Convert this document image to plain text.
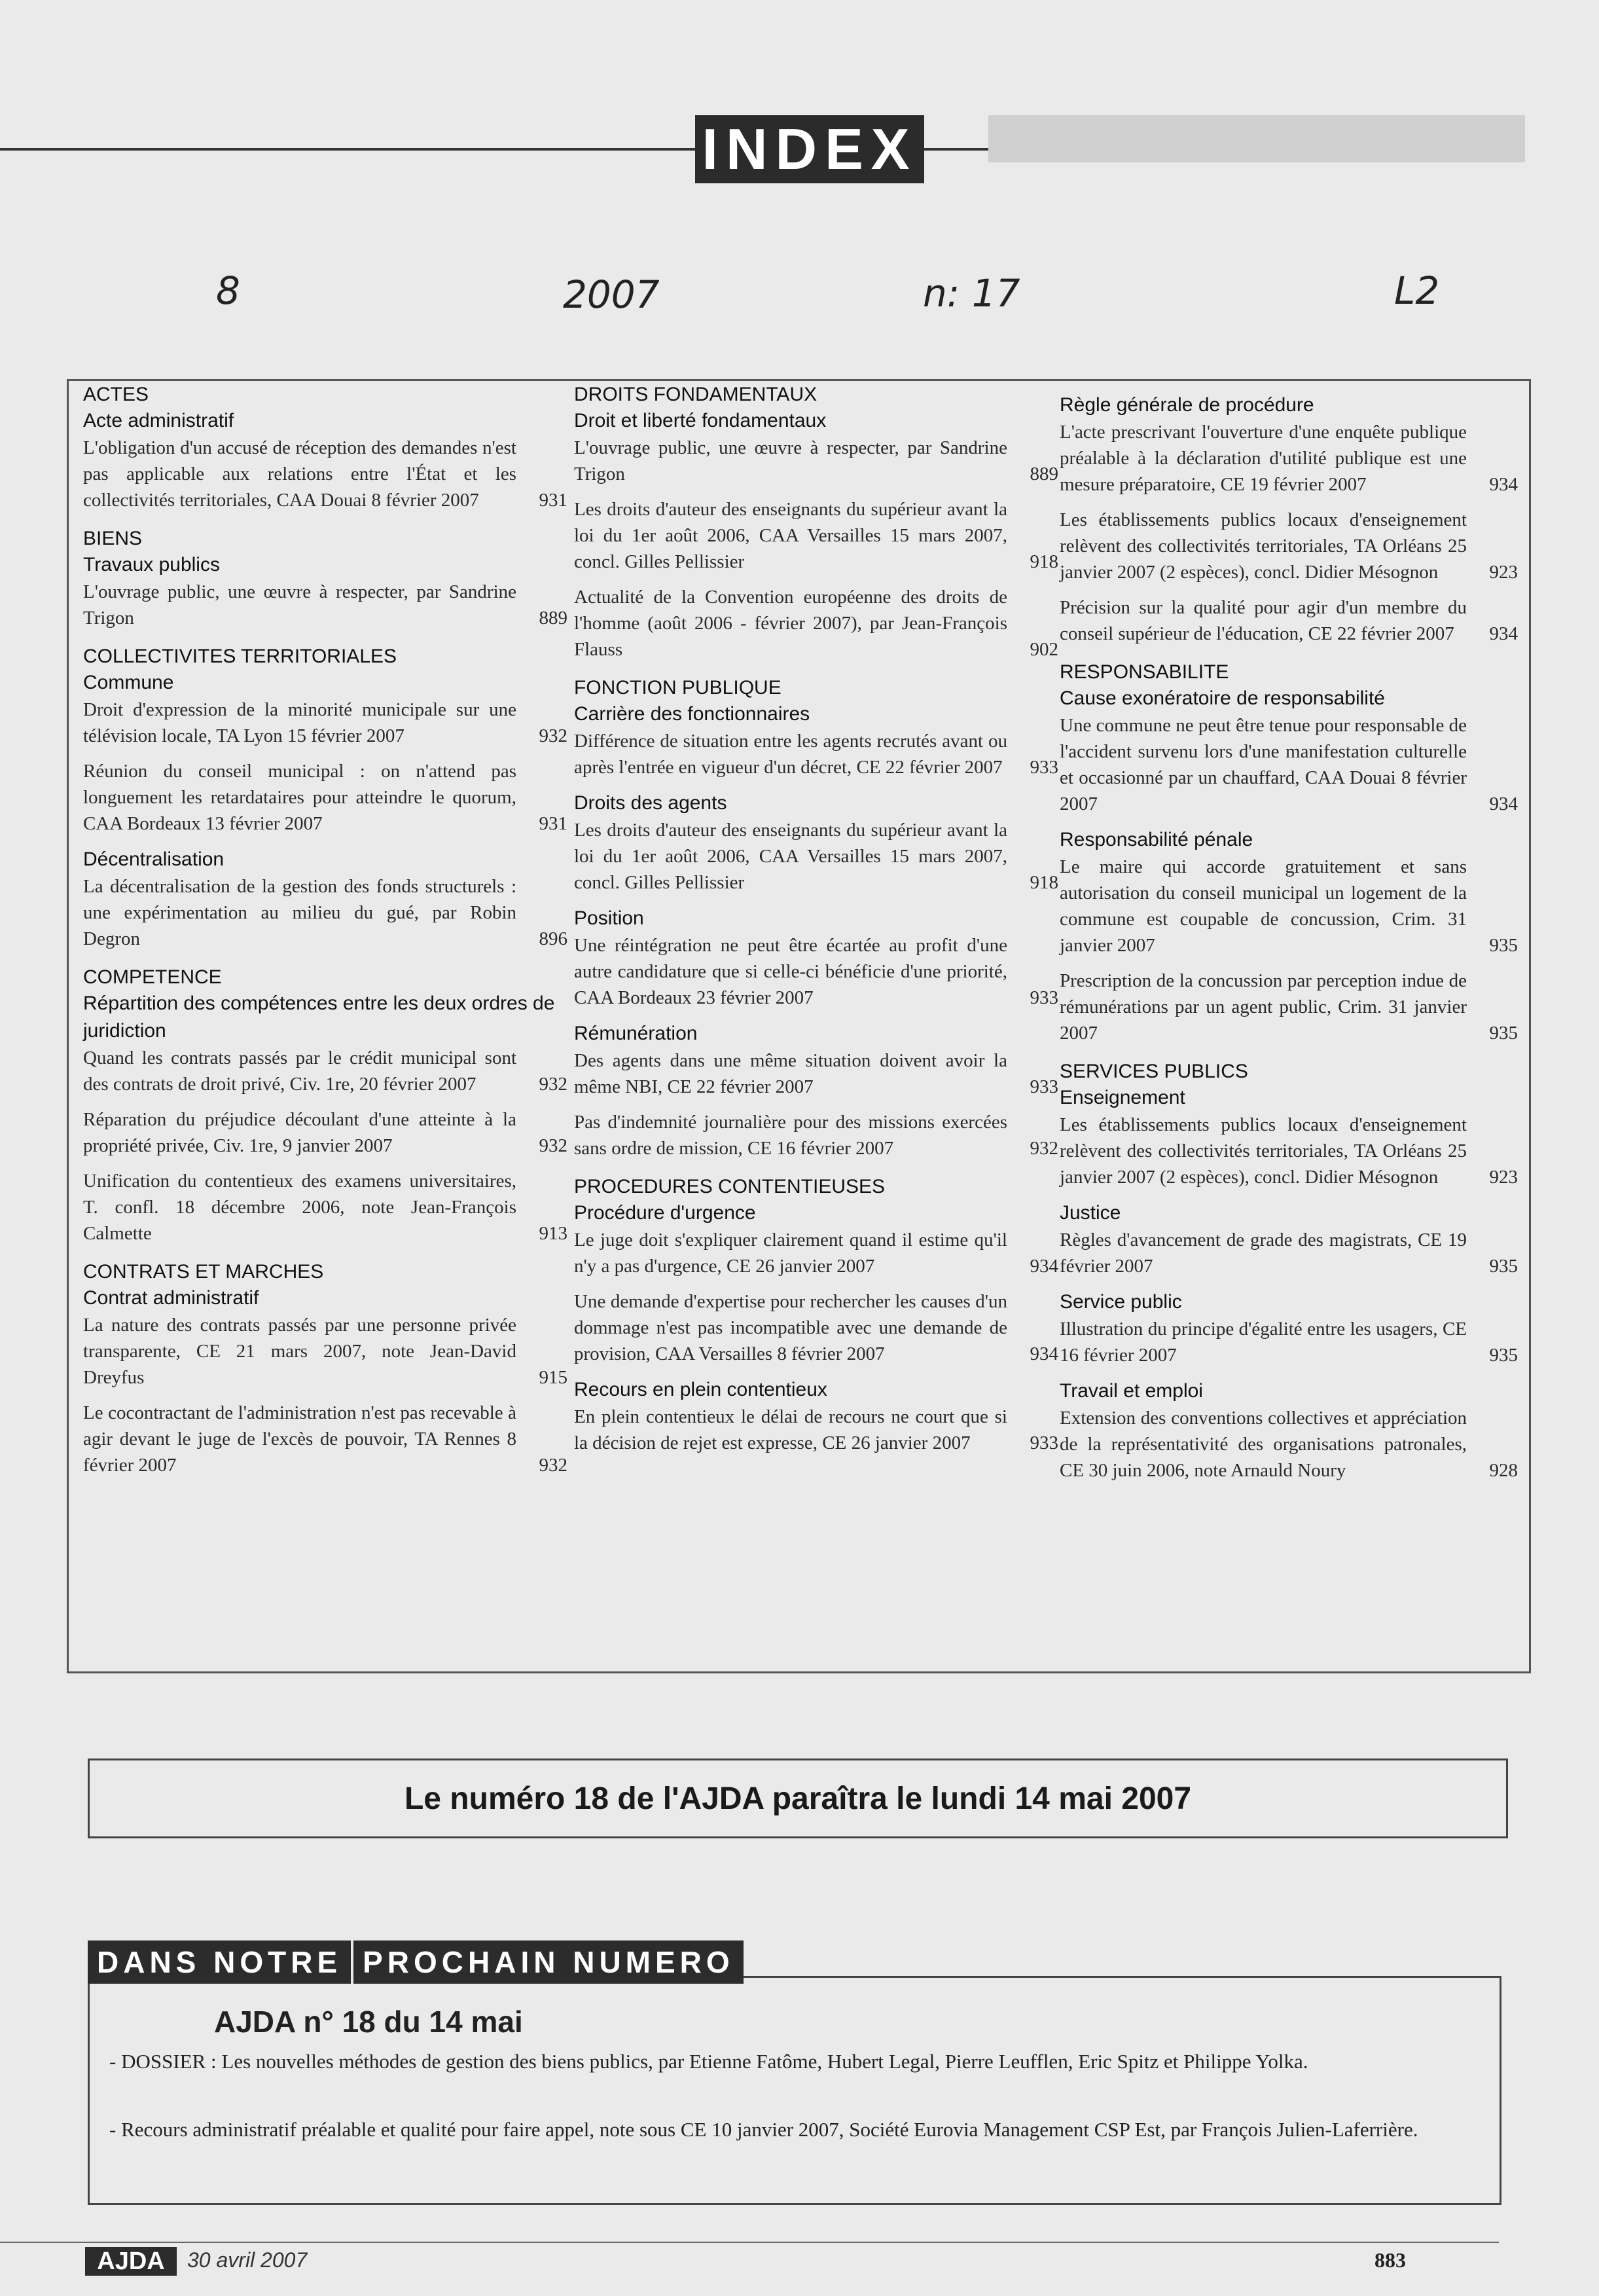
INDEX
8	2007	n: 17	L2
ACTES
Acte administratif
L'obligation d'un accusé de réception des demandes n'est pas applicable aux relations entre l'État et les collectivités territoriales, CAA Douai 8 février 2007	931
BIENS
Travaux publics
L'ouvrage public, une œuvre à respecter, par Sandrine Trigon	889
COLLECTIVITES TERRITORIALES
Commune
Droit d'expression de la minorité municipale sur une télévision locale, TA Lyon 15 février 2007	932
Réunion du conseil municipal : on n'attend pas longuement les retardataires pour atteindre le quorum, CAA Bordeaux 13 février 2007	931
Décentralisation
La décentralisation de la gestion des fonds structurels : une expérimentation au milieu du gué, par Robin Degron	896
COMPETENCE
Répartition des compétences entre les deux ordres de juridiction
Quand les contrats passés par le crédit municipal sont des contrats de droit privé, Civ. 1re, 20 février 2007	932
Réparation du préjudice découlant d'une atteinte à la propriété privée, Civ. 1re, 9 janvier 2007	932
Unification du contentieux des examens universitaires, T. confl. 18 décembre 2006, note Jean-François Calmette	913
CONTRATS ET MARCHES
Contrat administratif
La nature des contrats passés par une personne privée transparente, CE 21 mars 2007, note Jean-David Dreyfus	915
Le cocontractant de l'administration n'est pas recevable à agir devant le juge de l'excès de pouvoir, TA Rennes 8 février 2007	932
DROITS FONDAMENTAUX
Droit et liberté fondamentaux
L'ouvrage public, une œuvre à respecter, par Sandrine Trigon	889
Les droits d'auteur des enseignants du supérieur avant la loi du 1er août 2006, CAA Versailles 15 mars 2007, concl. Gilles Pellissier	918
Actualité de la Convention européenne des droits de l'homme (août 2006 - février 2007), par Jean-François Flauss	902
FONCTION PUBLIQUE
Carrière des fonctionnaires
Différence de situation entre les agents recrutés avant ou après l'entrée en vigueur d'un décret, CE 22 février 2007	933
Droits des agents
Les droits d'auteur des enseignants du supérieur avant la loi du 1er août 2006, CAA Versailles 15 mars 2007, concl. Gilles Pellissier	918
Position
Une réintégration ne peut être écartée au profit d'une autre candidature que si celle-ci bénéficie d'une priorité, CAA Bordeaux 23 février 2007	933
Rémunération
Des agents dans une même situation doivent avoir la même NBI, CE 22 février 2007	933
Pas d'indemnité journalière pour des missions exercées sans ordre de mission, CE 16 février 2007	932
PROCEDURES CONTENTIEUSES
Procédure d'urgence
Le juge doit s'expliquer clairement quand il estime qu'il n'y a pas d'urgence, CE 26 janvier 2007	934
Une demande d'expertise pour rechercher les causes d'un dommage n'est pas incompatible avec une demande de provision, CAA Versailles 8 février 2007	934
Recours en plein contentieux
En plein contentieux le délai de recours ne court que si la décision de rejet est expresse, CE 26 janvier 2007	933
Règle générale de procédure
L'acte prescrivant l'ouverture d'une enquête publique préalable à la déclaration d'utilité publique est une mesure préparatoire, CE 19 février 2007	934
Les établissements publics locaux d'enseignement relèvent des collectivités territoriales, TA Orléans 25 janvier 2007 (2 espèces), concl. Didier Mésognon	923
Précision sur la qualité pour agir d'un membre du conseil supérieur de l'éducation, CE 22 février 2007	934
RESPONSABILITE
Cause exonératoire de responsabilité
Une commune ne peut être tenue pour responsable de l'accident survenu lors d'une manifestation culturelle et occasionné par un chauffard, CAA Douai 8 février 2007	934
Responsabilité pénale
Le maire qui accorde gratuitement et sans autorisation du conseil municipal un logement de la commune est coupable de concussion, Crim. 31 janvier 2007	935
Prescription de la concussion par perception indue de rémunérations par un agent public, Crim. 31 janvier 2007	935
SERVICES PUBLICS
Enseignement
Les établissements publics locaux d'enseignement relèvent des collectivités territoriales, TA Orléans 25 janvier 2007 (2 espèces), concl. Didier Mésognon	923
Justice
Règles d'avancement de grade des magistrats, CE 19 février 2007	935
Service public
Illustration du principe d'égalité entre les usagers, CE 16 février 2007	935
Travail et emploi
Extension des conventions collectives et appréciation de la représentativité des organisations patronales, CE 30 juin 2006, note Arnauld Noury	928
Le numéro 18 de l'AJDA paraîtra le lundi 14 mai 2007
AJDA n° 18 du 14 mai
- DOSSIER : Les nouvelles méthodes de gestion des biens publics, par Etienne Fatôme, Hubert Legal, Pierre Leufflen, Eric Spitz et Philippe Yolka.
- Recours administratif préalable et qualité pour faire appel, note sous CE 10 janvier 2007, Société Eurovia Management CSP Est, par François Julien-Laferrière.
DANS NOTRE PROCHAIN NUMERO
AJDA	30 avril 2007	883
